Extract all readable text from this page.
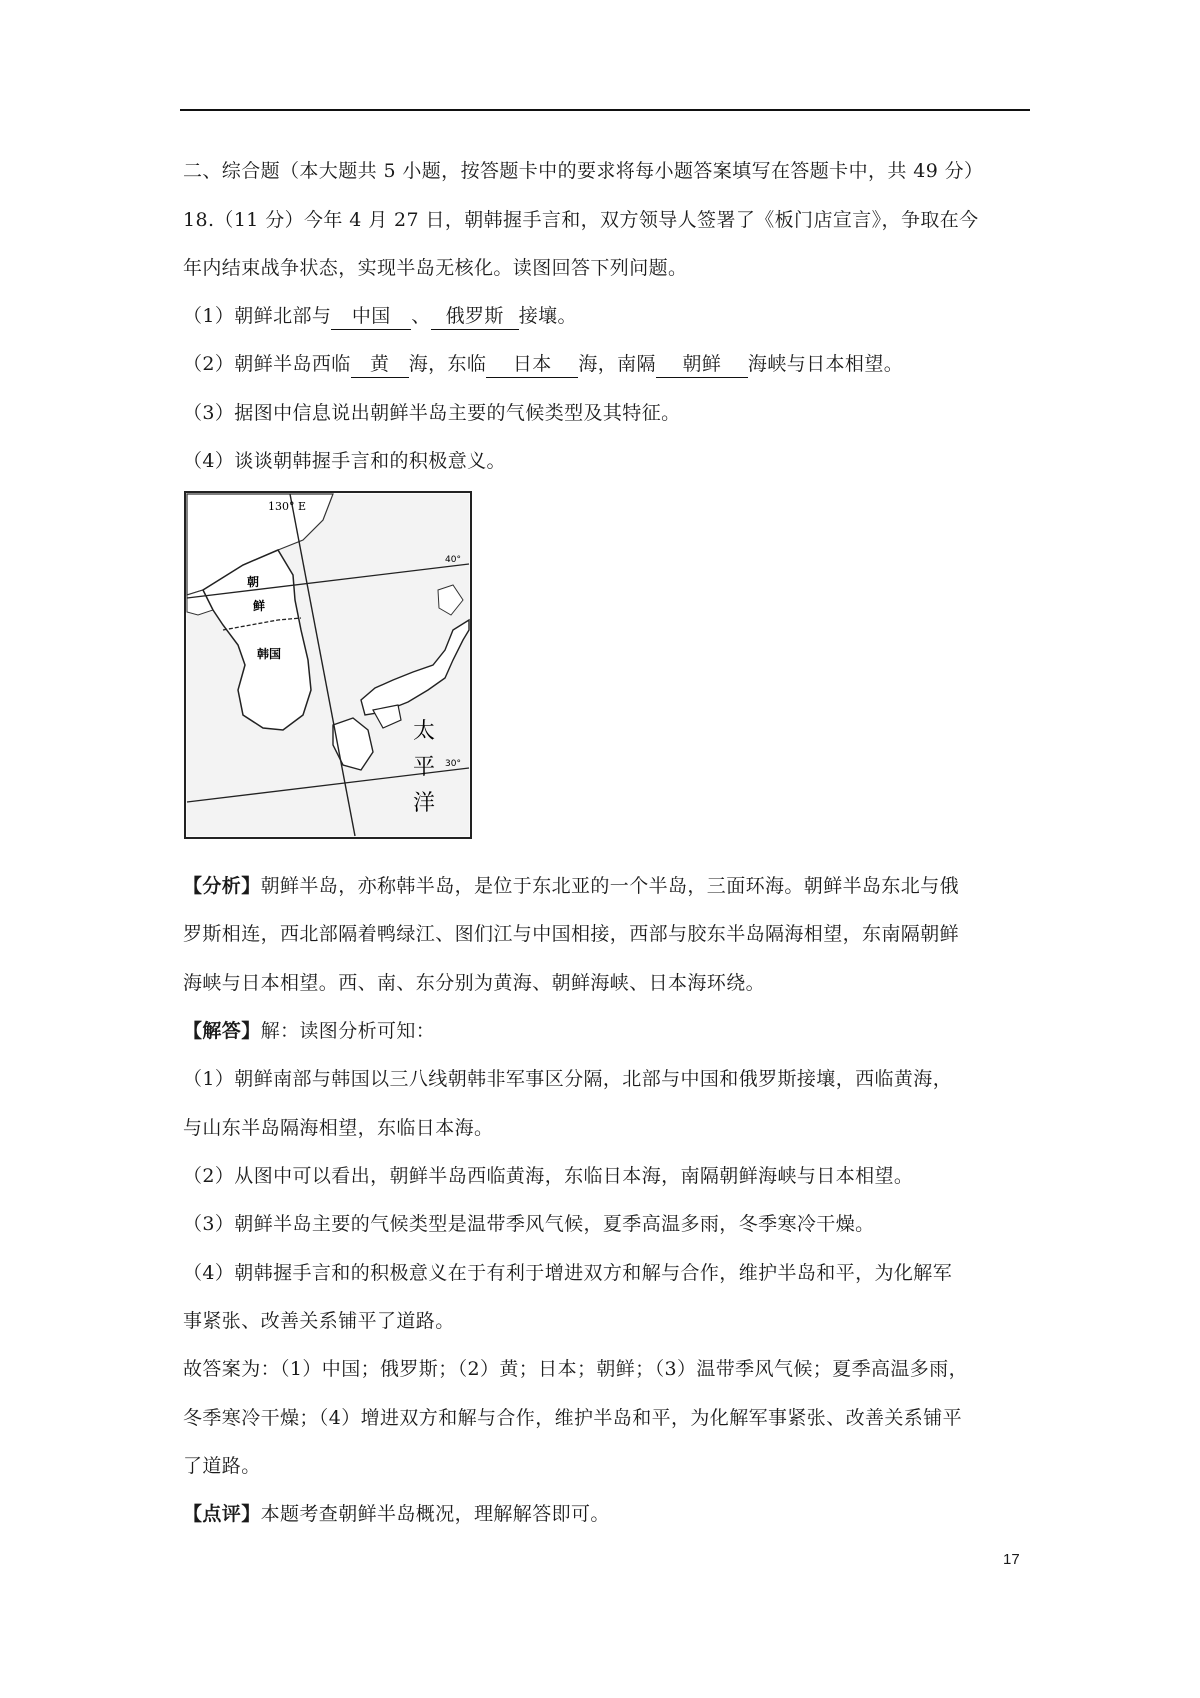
二、综合题（本大题共 5 小题，按答题卡中的要求将每小题答案填写在答题卡中，共 49 分）
18.（11 分）今年 4 月 27 日，朝韩握手言和，双方领导人签署了《板门店宣言》，争取在今
年内结束战争状态，实现半岛无核化。读图回答下列问题。
（1）朝鲜北部与 中国 、 俄罗斯 接壤。
（2）朝鲜半岛西临 黄 海，东临 日本 海，南隔 朝鲜 海峡与日本相望。
（3）据图中信息说出朝鲜半岛主要的气候类型及其特征。
（4）谈谈朝韩握手言和的积极意义。
130° E
40°
30°
朝
鲜
韩国
太
平
洋
【分析】朝鲜半岛，亦称韩半岛，是位于东北亚的一个半岛，三面环海。朝鲜半岛东北与俄
罗斯相连，西北部隔着鸭绿江、图们江与中国相接，西部与胶东半岛隔海相望，东南隔朝鲜
海峡与日本相望。西、南、东分别为黄海、朝鲜海峡、日本海环绕。
【解答】解：读图分析可知：
（1）朝鲜南部与韩国以三八线朝韩非军事区分隔，北部与中国和俄罗斯接壤，西临黄海，
与山东半岛隔海相望，东临日本海。
（2）从图中可以看出，朝鲜半岛西临黄海，东临日本海，南隔朝鲜海峡与日本相望。
（3）朝鲜半岛主要的气候类型是温带季风气候，夏季高温多雨，冬季寒冷干燥。
（4）朝韩握手言和的积极意义在于有利于增进双方和解与合作，维护半岛和平，为化解军
事紧张、改善关系铺平了道路。
故答案为：（1）中国；俄罗斯；（2）黄；日本；朝鲜；（3）温带季风气候；夏季高温多雨，
冬季寒冷干燥；（4）增进双方和解与合作，维护半岛和平，为化解军事紧张、改善关系铺平
了道路。
【点评】本题考查朝鲜半岛概况，理解解答即可。
17
